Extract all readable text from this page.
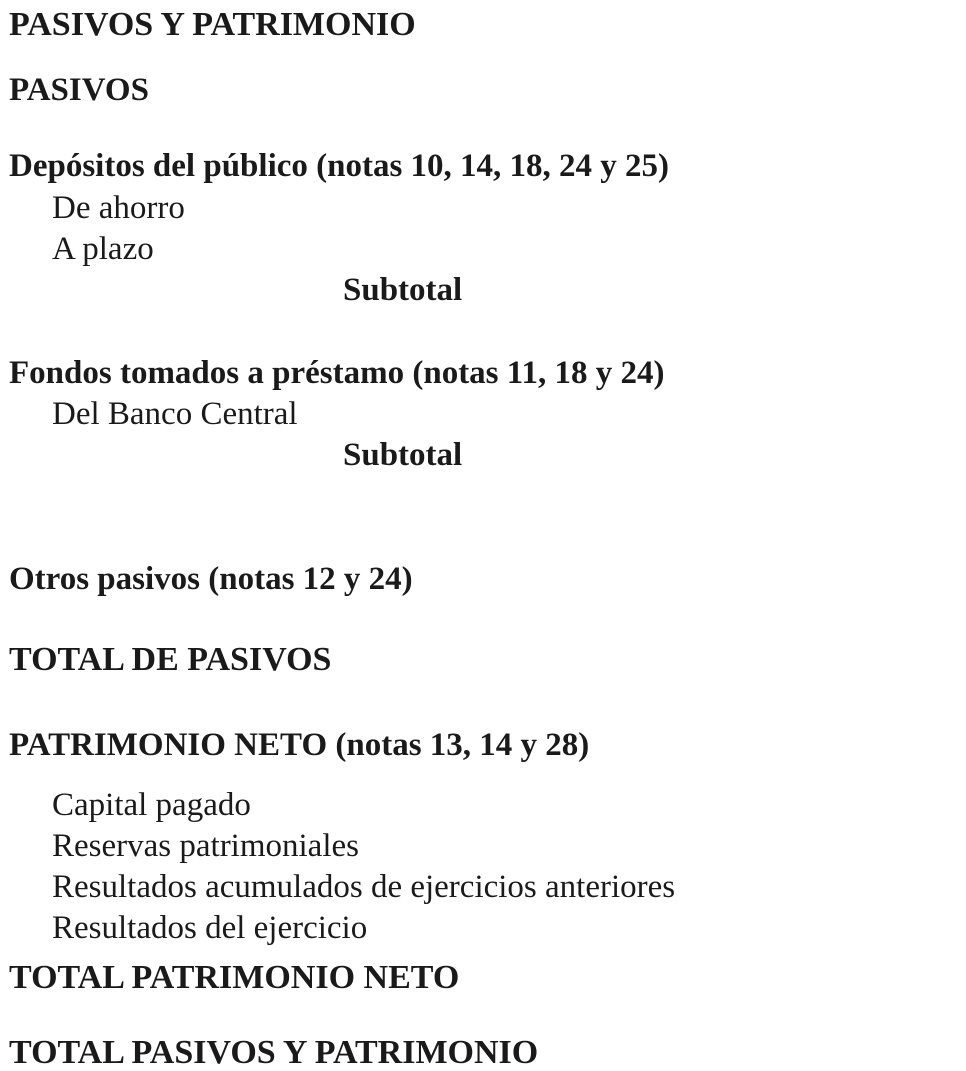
PASIVOS Y PATRIMONIO
PASIVOS
Depósitos del público (notas 10, 14, 18, 24 y 25)
De ahorro
A plazo
Subtotal
Fondos tomados a préstamo (notas 11, 18 y 24)
Del Banco Central
Subtotal
Otros pasivos (notas 12 y 24)
TOTAL DE PASIVOS
PATRIMONIO NETO (notas 13, 14 y 28)
Capital pagado
Reservas patrimoniales
Resultados acumulados de ejercicios anteriores
Resultados del ejercicio
TOTAL PATRIMONIO NETO
TOTAL PASIVOS Y PATRIMONIO
